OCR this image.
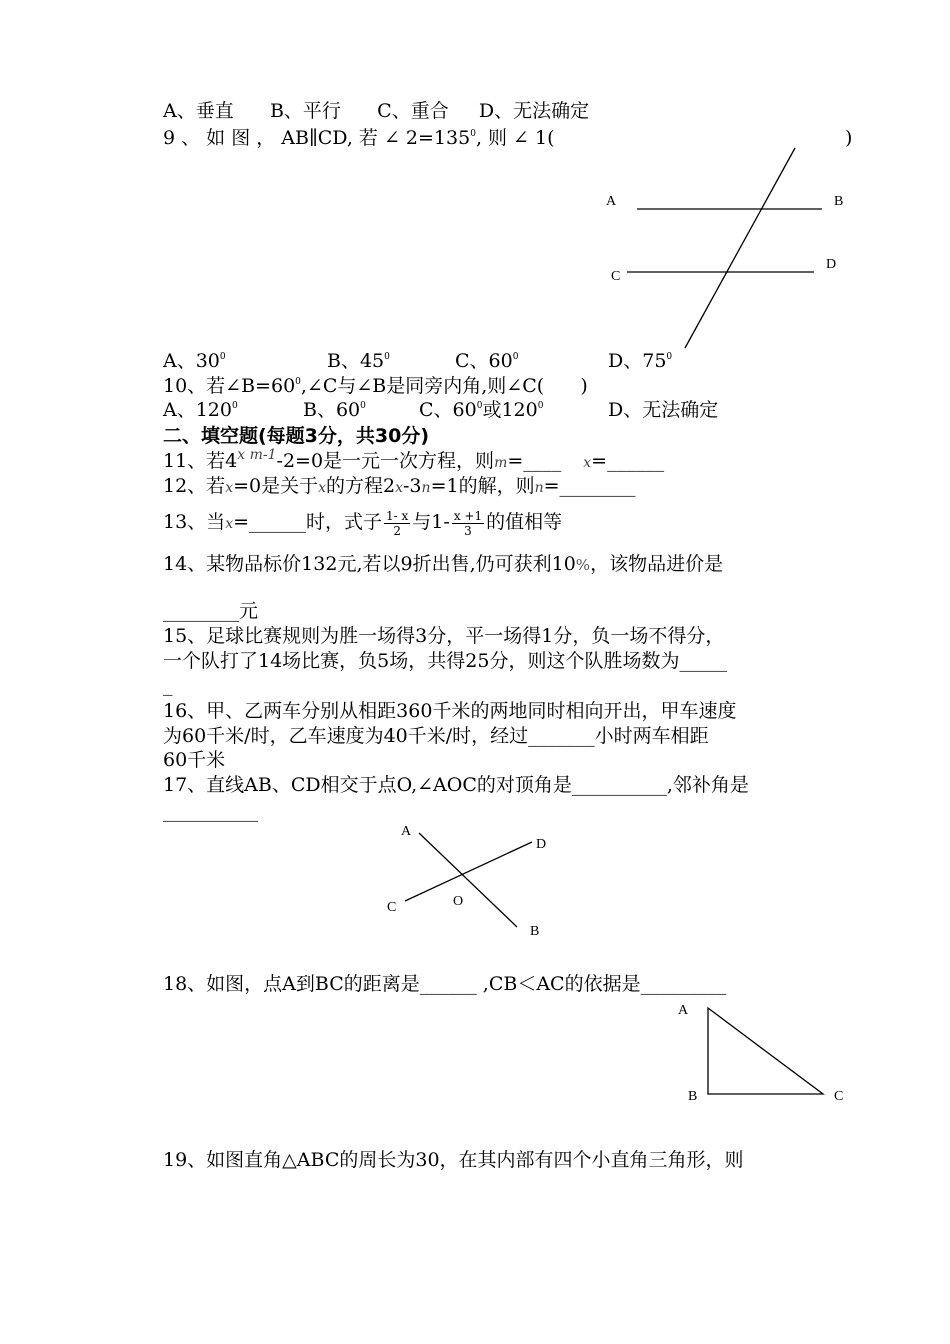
A、垂直      B、平行      C、重合     D、无法确定
9 、 如 图 ， AB∥CD, 若 ∠ $2=135^0$, 则 ∠ 1(	)
A	B
C
D
A、$30^0$	B、$45^0$	C、$60^0$	D、$75^0$
10、若$\angle B=60^0,\angle C$与∠B是同旁内角,则∠C(      )
A、$120^0$	B、$60^0$	C、$60^0$或$120^0$	D、无法确定
二、填空题(每题3分，共30分)
11、若$4^{x m-1}-2=0$是一元一次方程，则m=____ x=______
12、若x=0是关于x的方程2x-3n=1的解，则n=________
13、当x=______时，式子 $\frac{1- x}{2}$ 与$1- \frac{x +1}{3}$ 的值相等
14、某物品标价132元,若以9折出售,仍可获利10%，该物品进价是
________元
15、足球比赛规则为胜一场得3分，平一场得1分，负一场不得分，
一个队打了14场比赛，负5场，共得25分，则这个队胜场数为_____
_
16、甲、乙两车分别从相距360千米的两地同时相向开出，甲车速度
为60千米/时，乙车速度为40千米/时，经过_______小时两车相距
60千米
17、直线AB、CD相交于点O,∠AOC的对顶角是__________,邻补角是
__________
A
D
C	O
B
18、如图，点A到BC的距离是______ ,CB＜AC的依据是_________
A
B	C
19、如图直角△ABC的周长为30，在其内部有四个小直角三角形，则
